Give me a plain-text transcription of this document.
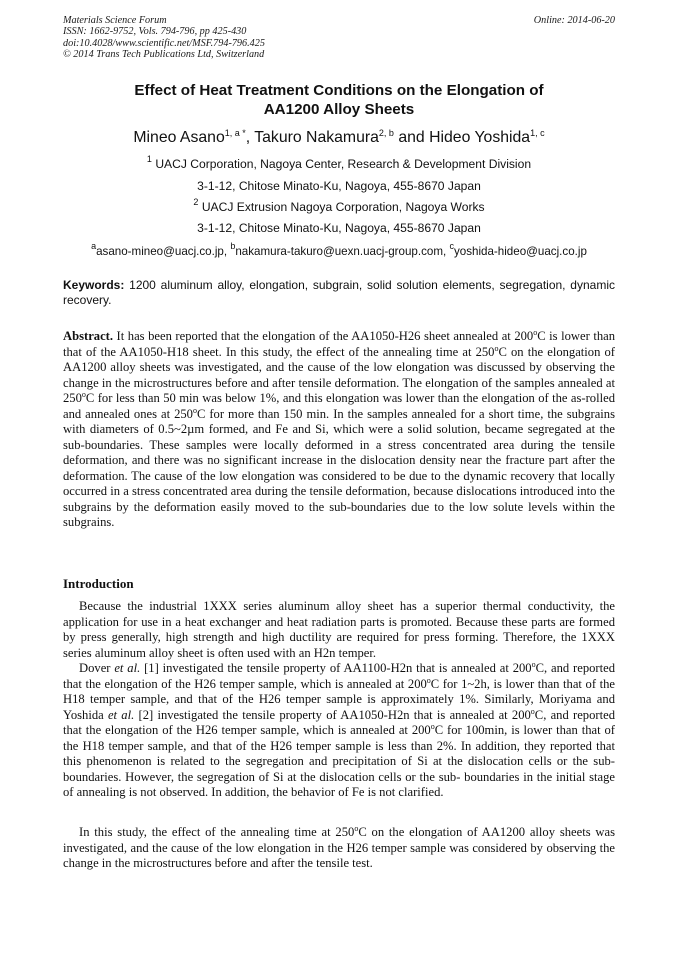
Materials Science Forum
ISSN: 1662-9752, Vols. 794-796, pp 425-430
doi:10.4028/www.scientific.net/MSF.794-796.425
© 2014 Trans Tech Publications Ltd, Switzerland
Online: 2014-06-20
Effect of Heat Treatment Conditions on the Elongation of
AA1200 Alloy Sheets
Mineo Asano$^{1, a *}$, Takuro Nakamura$^{2, b}$ and Hideo Yoshida$^{1, c}$
$^1$ UACJ Corporation, Nagoya Center, Research & Development Division
3-1-12, Chitose Minato-Ku, Nagoya, 455-8670 Japan
$^2$ UACJ Extrusion Nagoya Corporation, Nagoya Works
3-1-12, Chitose Minato-Ku, Nagoya, 455-8670 Japan
$^a$asano-mineo@uacj.co.jp, $^b$nakamura-takuro@uexn.uacj-group.com, $^c$yoshida-hideo@uacj.co.jp
Keywords: 1200 aluminum alloy, elongation, subgrain, solid solution elements, segregation, dynamic recovery.
Abstract. It has been reported that the elongation of the AA1050-H26 sheet annealed at 200$^o$C is lower than that of the AA1050-H18 sheet. In this study, the effect of the annealing time at 250$^o$C on the elongation of AA1200 alloy sheets was investigated, and the cause of the low elongation was discussed by observing the change in the microstructures before and after tensile deformation. The elongation of the samples annealed at 250$^o$C for less than 50 min was below 1%, and this elongation was lower than the elongation of the as-rolled and annealed ones at 250$^o$C for more than 150 min. In the samples annealed for a short time, the subgrains with diameters of 0.5~2µm formed, and Fe and Si, which were a solid solution, became segregated at the sub-boundaries. These samples were locally deformed in a stress concentrated area during the tensile deformation, and there was no significant increase in the dislocation density near the fracture part after the deformation. The cause of the low elongation was considered to be due to the dynamic recovery that locally occurred in a stress concentrated area during the tensile deformation, because dislocations introduced into the subgrains by the deformation easily moved to the sub-boundaries due to the low solute levels within the subgrains.
Introduction

Because the industrial 1XXX series aluminum alloy sheet has a superior thermal conductivity, the application for use in a heat exchanger and heat radiation parts is promoted. Because these parts are formed by press generally, high strength and high ductility are required for press forming. Therefore, the 1XXX series aluminum alloy sheet is often used with an H2n temper.

Dover et al. [1] investigated the tensile property of AA1100-H2n that is annealed at 200$^o$C, and reported that the elongation of the H26 temper sample, which is annealed at 200$^o$C for 1~2h, is lower than that of the H18 temper sample, and that of the H26 temper sample is approximately 1%. Similarly, Moriyama and Yoshida et al. [2] investigated the tensile property of AA1050-H2n that is annealed at 200$^o$C, and reported that the elongation of the H26 temper sample, which is annealed at 200$^o$C for 100min, is lower than that of the H18 temper sample, and that of the H26 temper sample is less than 2%. In addition, they reported that this phenomenon is related to the segregation and precipitation of Si at the dislocation cells or the sub-boundaries. However, the segregation of Si at the dislocation cells or the sub- boundaries in the initial stage of annealing is not observed. In addition, the behavior of Fe is not clarified.

In this study, the effect of the annealing time at 250$^o$C on the elongation of AA1200 alloy sheets was investigated, and the cause of the low elongation in the H26 temper sample was considered by observing the change in the microstructures before and after the tensile test.
